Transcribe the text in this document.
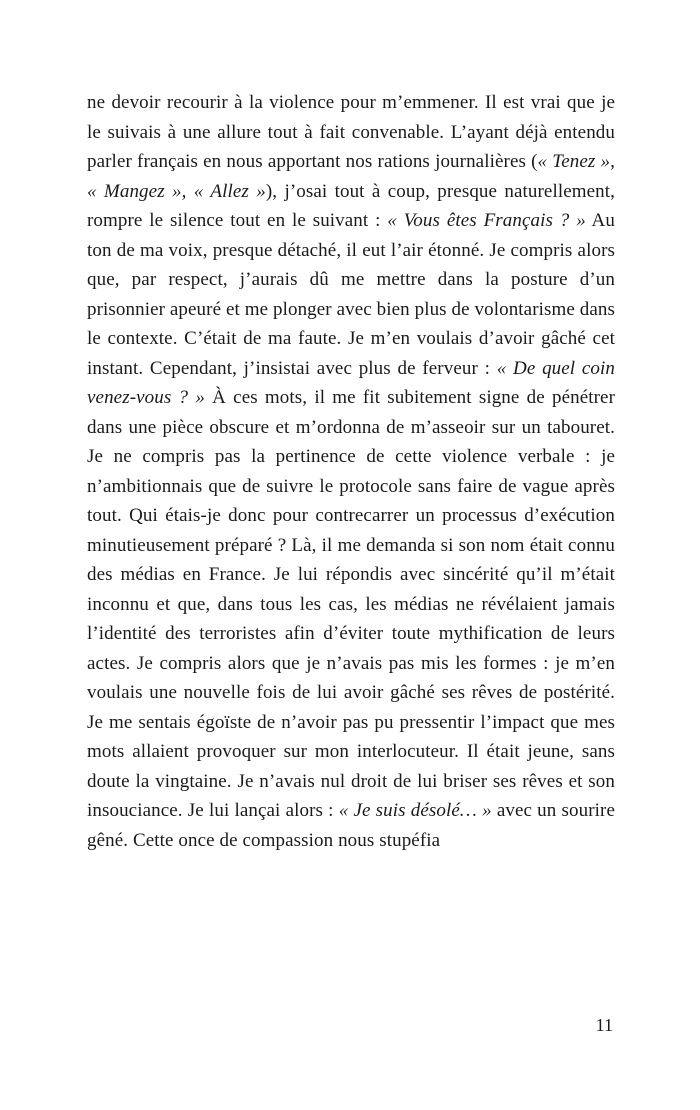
ne devoir recourir à la violence pour m’emmener. Il est vrai que je le suivais à une allure tout à fait convenable. L’ayant déjà entendu parler français en nous apportant nos rations journalières (« Tenez », « Mangez », « Allez »), j’osai tout à coup, presque naturellement, rompre le silence tout en le suivant : « Vous êtes Français ? » Au ton de ma voix, presque détaché, il eut l’air étonné. Je compris alors que, par respect, j’aurais dû me mettre dans la posture d’un prisonnier apeuré et me plonger avec bien plus de volontarisme dans le contexte. C’était de ma faute. Je m’en voulais d’avoir gâché cet instant. Cependant, j’insistai avec plus de ferveur : « De quel coin venez-vous ? » À ces mots, il me fit subitement signe de pénétrer dans une pièce obscure et m’ordonna de m’asseoir sur un tabouret. Je ne compris pas la pertinence de cette violence verbale : je n’ambitionnais que de suivre le protocole sans faire de vague après tout. Qui étais-je donc pour contrecarrer un processus d’exécution minutieusement préparé ? Là, il me demanda si son nom était connu des médias en France. Je lui répondis avec sincérité qu’il m’était inconnu et que, dans tous les cas, les médias ne révélaient jamais l’identité des terroristes afin d’éviter toute mythification de leurs actes. Je compris alors que je n’avais pas mis les formes : je m’en voulais une nouvelle fois de lui avoir gâché ses rêves de postérité. Je me sentais égoïste de n’avoir pas pu pressentir l’impact que mes mots allaient provoquer sur mon interlocuteur. Il était jeune, sans doute la vingtaine. Je n’avais nul droit de lui briser ses rêves et son insouciance. Je lui lançai alors : « Je suis désolé… » avec un sourire gêné. Cette once de compassion nous stupéfia
11
